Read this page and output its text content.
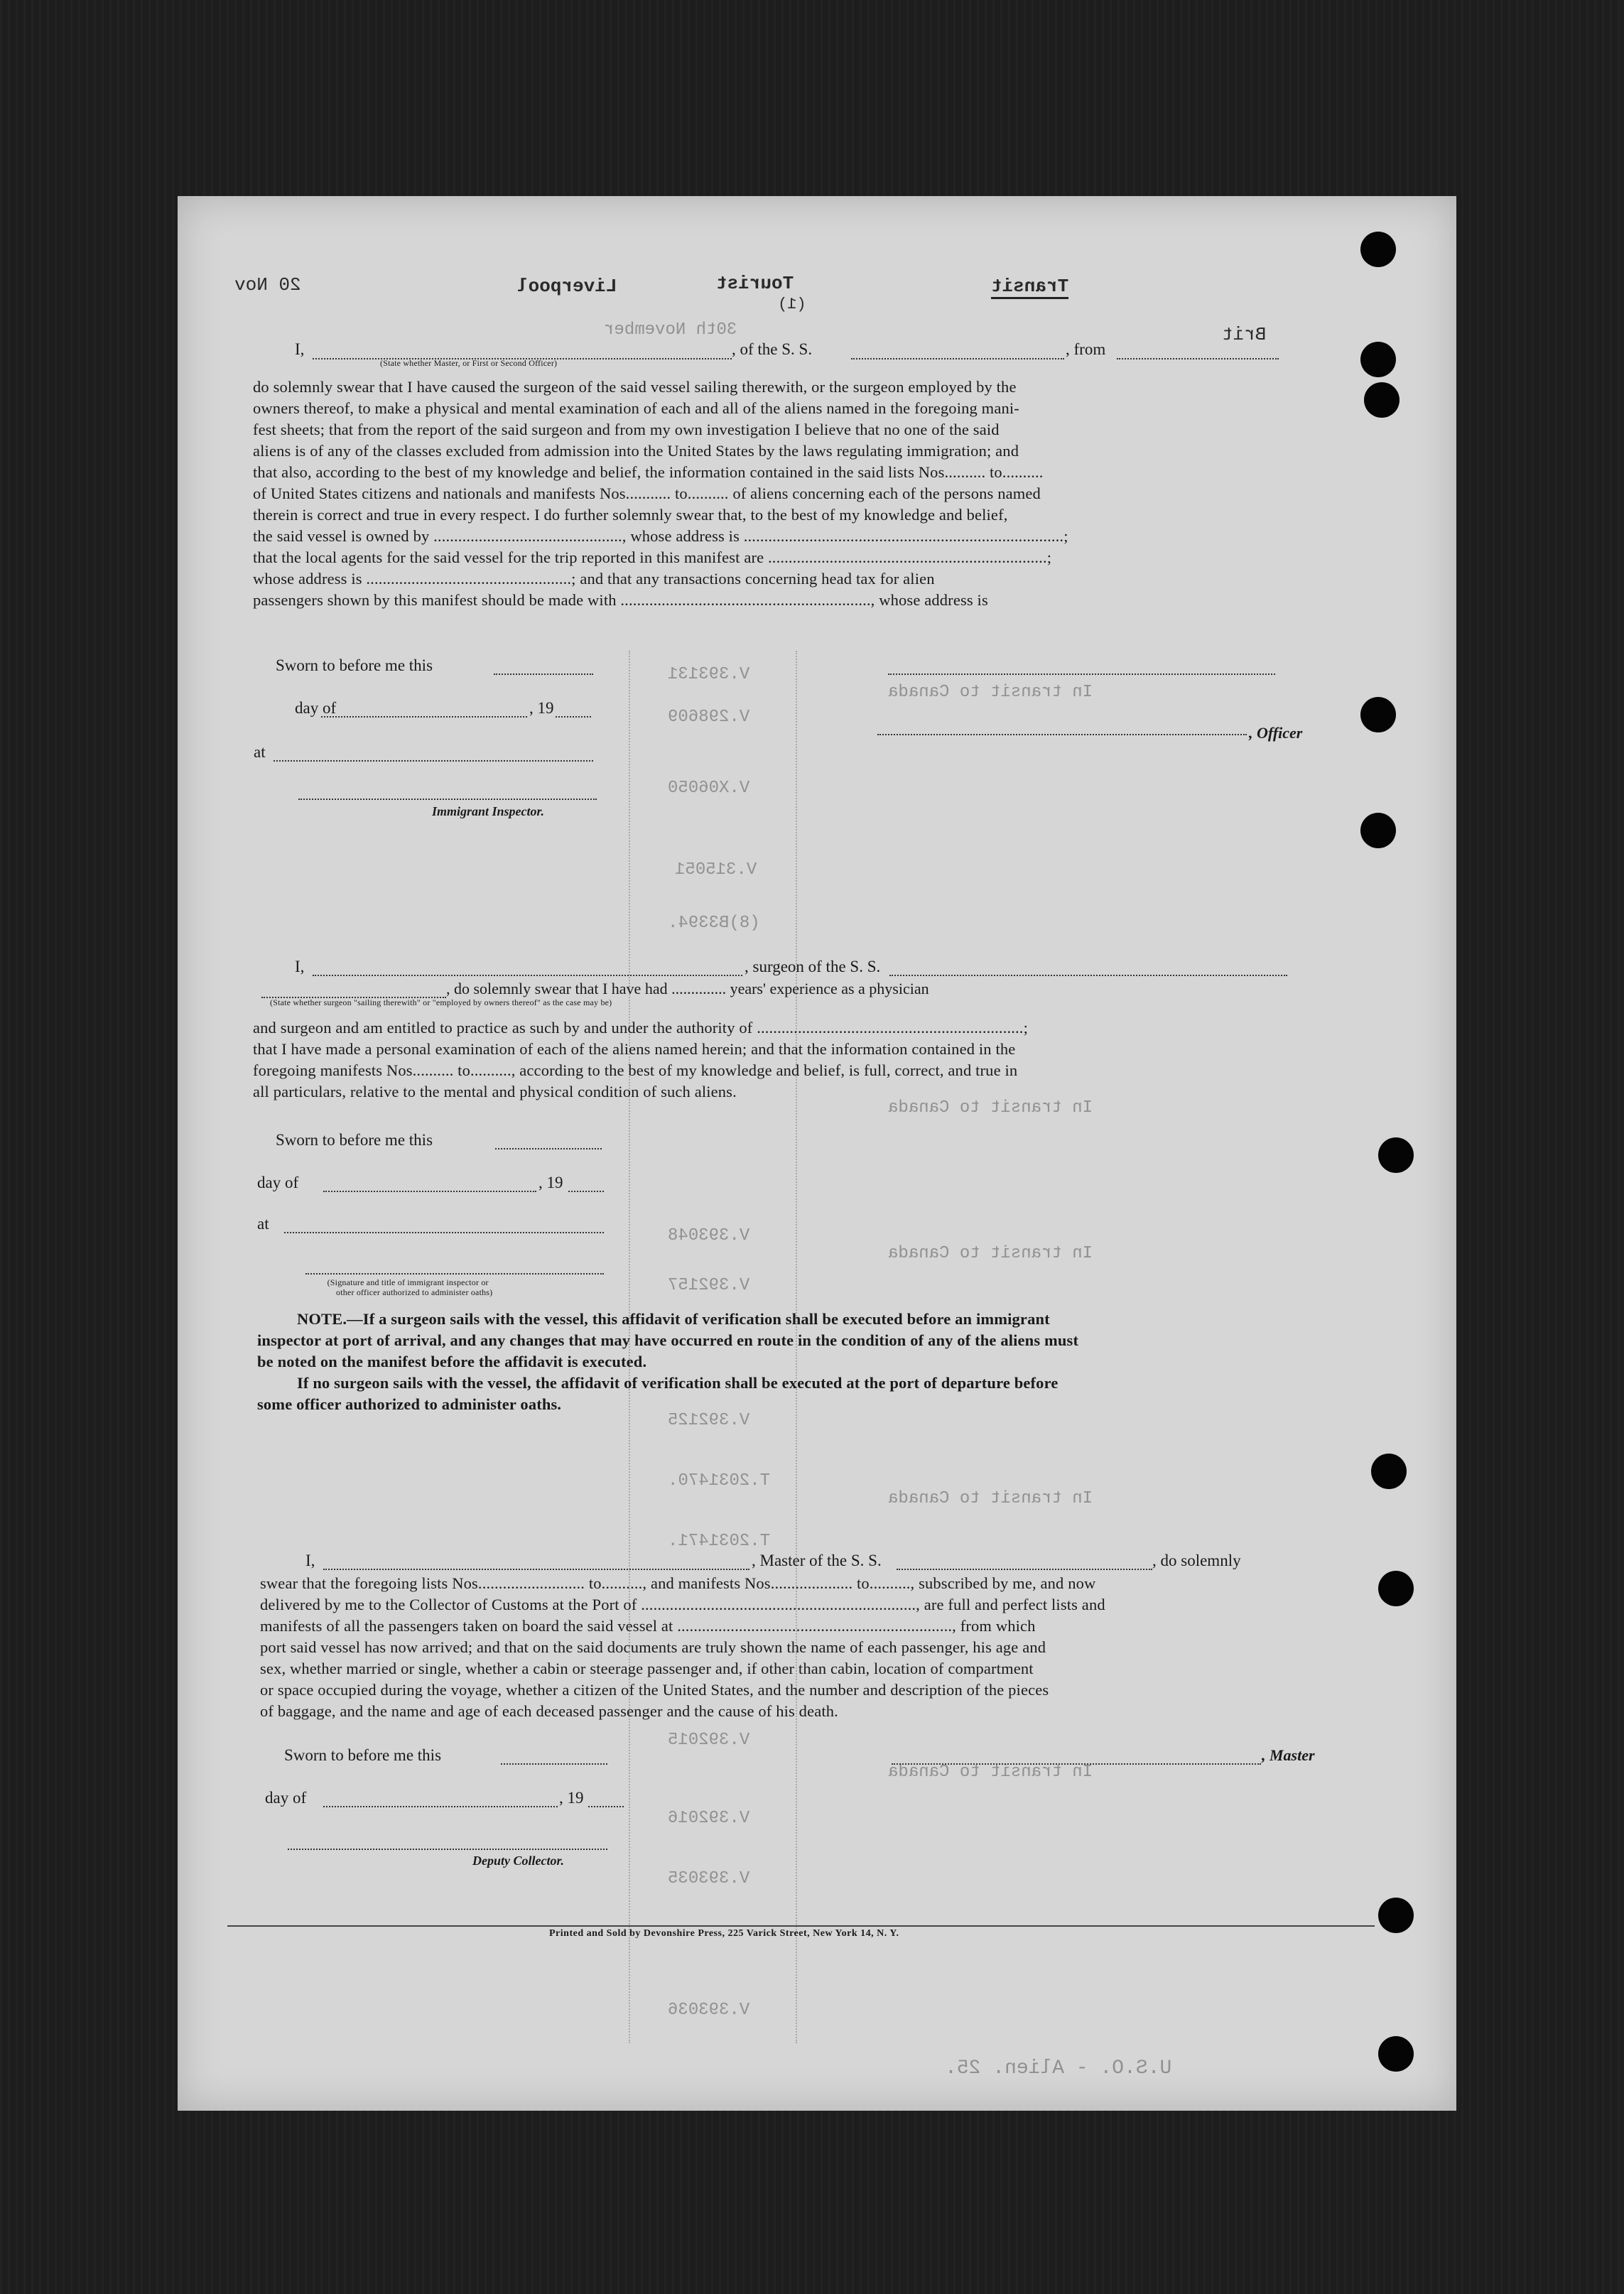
V.393131
V.298609
V.X06050
V.315051
(8)B3394.
V.393048
V.392157
V.392125
V.392015
V.392016
V.393035
V.393036
T.2031470.
T.2031471.
In transit to Canada
In transit to Canada
In transit to Canada
In transit to Canada
In transit to Canada
U.S.O. - Alien. 25.
20 Nov	Liverpool	Tourist
(1)
Transit
30th November	Brit
I,	, of the S. S.	, from
(State whether Master, or First or Second Officer)
do solemnly swear that I have caused the surgeon of the said vessel sailing therewith, or the surgeon employed by the
owners thereof, to make a physical and mental examination of each and all of the aliens named in the foregoing mani-
fest sheets; that from the report of the said surgeon and from my own investigation I believe that no one of the said
aliens is of any of the classes excluded from admission into the United States by the laws regulating immigration; and
that also, according to the best of my knowledge and belief, the information contained in the said lists Nos.......... to..........
of United States citizens and nationals and manifests Nos........... to.......... of aliens concerning each of the persons named
therein is correct and true in every respect. I do further solemnly swear that, to the best of my knowledge and belief,
the said vessel is owned by .............................................., whose address is ..............................................................................;
that the local agents for the said vessel for the trip reported in this manifest are ....................................................................;
whose address is ..................................................; and that any transactions concerning head tax for alien
passengers shown by this manifest should be made with ............................................................., whose address is
Sworn to before me this
day of	, 19
, Officer
at
Immigrant Inspector.
I,	, surgeon of the S. S.
, do solemnly swear that I have had .............. years' experience as a physician
(State whether surgeon "sailing therewith" or "employed by owners thereof" as the case may be)
and surgeon and am entitled to practice as such by and under the authority of .................................................................;
that I have made a personal examination of each of the aliens named herein; and that the information contained in the
foregoing manifests Nos.......... to.........., according to the best of my knowledge and belief, is full, correct, and true in
all particulars, relative to the mental and physical condition of such aliens.
Sworn to before me this
day of	, 19
at
(Signature and title of immigrant inspector or
other officer authorized to administer oaths)
NOTE.—If a surgeon sails with the vessel, this affidavit of verification shall be executed before an immigrant
inspector at port of arrival, and any changes that may have occurred en route in the condition of any of the aliens must
be noted on the manifest before the affidavit is executed.
If no surgeon sails with the vessel, the affidavit of verification shall be executed at the port of departure before
some officer authorized to administer oaths.
I,	, Master of the S. S.	, do solemnly
swear that the foregoing lists Nos.......................... to.........., and manifests Nos.................... to.........., subscribed by me, and now
delivered by me to the Collector of Customs at the Port of ..................................................................., are full and perfect lists and
manifests of all the passengers taken on board the said vessel at ..................................................................., from which
port said vessel has now arrived; and that on the said documents are truly shown the name of each passenger, his age and
sex, whether married or single, whether a cabin or steerage passenger and, if other than cabin, location of compartment
or space occupied during the voyage, whether a citizen of the United States, and the number and description of the pieces
of baggage, and the name and age of each deceased passenger and the cause of his death.
Sworn to before me this	, Master
day of	, 19
Deputy Collector.
Printed and Sold by Devonshire Press, 225 Varick Street, New York 14, N. Y.
